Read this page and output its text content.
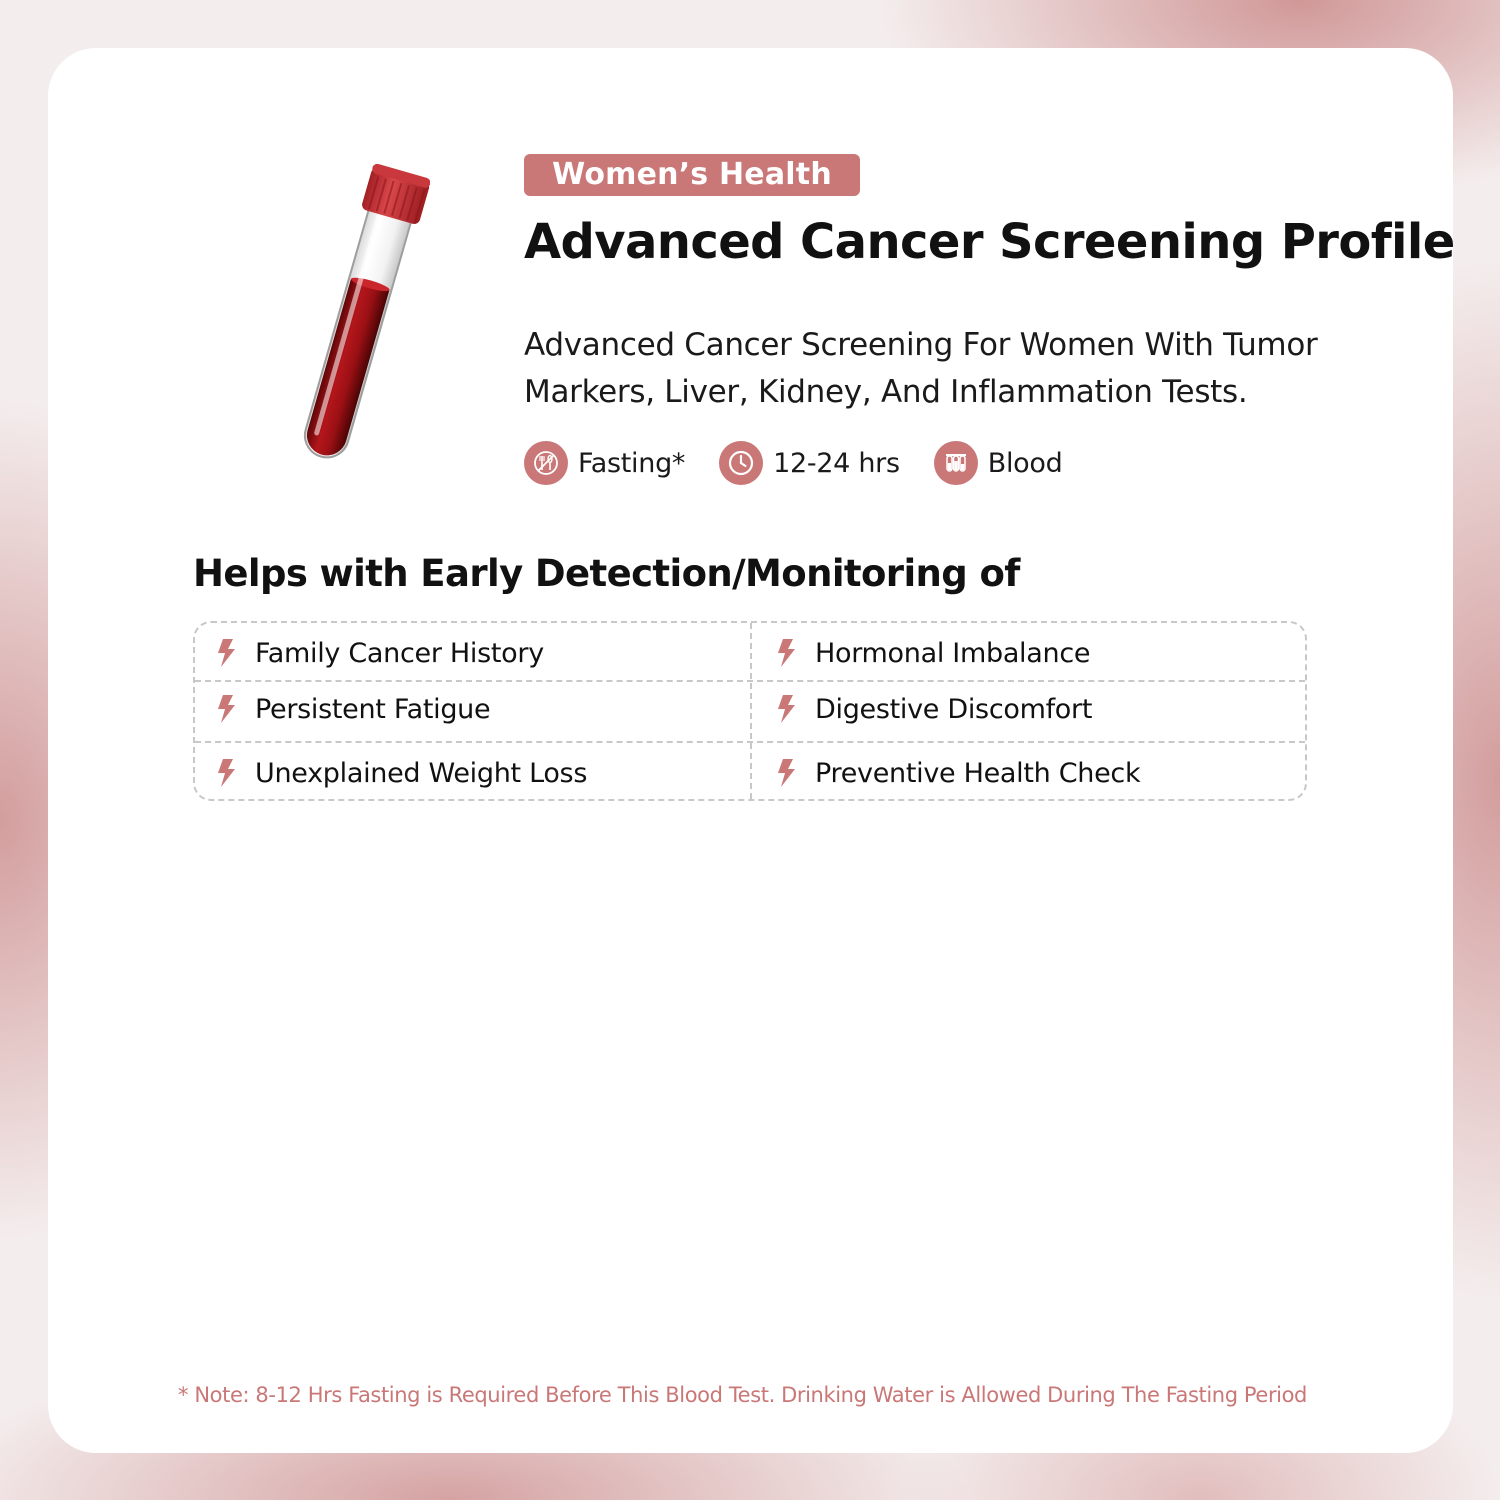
Women’s Health
Advanced Cancer Screening Profile

Advanced Cancer Screening For Women With Tumor Markers, Liver, Kidney, And Inflammation Tests.

Fasting*	12-24 hrs	Blood
Helps with Early Detection/Monitoring of
Family Cancer History	Hormonal Imbalance
Persistent Fatigue	Digestive Discomfort
Unexplained Weight Loss	Preventive Health Check

* Note: 8-12 Hrs Fasting is Required Before This Blood Test. Drinking Water is Allowed During The Fasting Period
